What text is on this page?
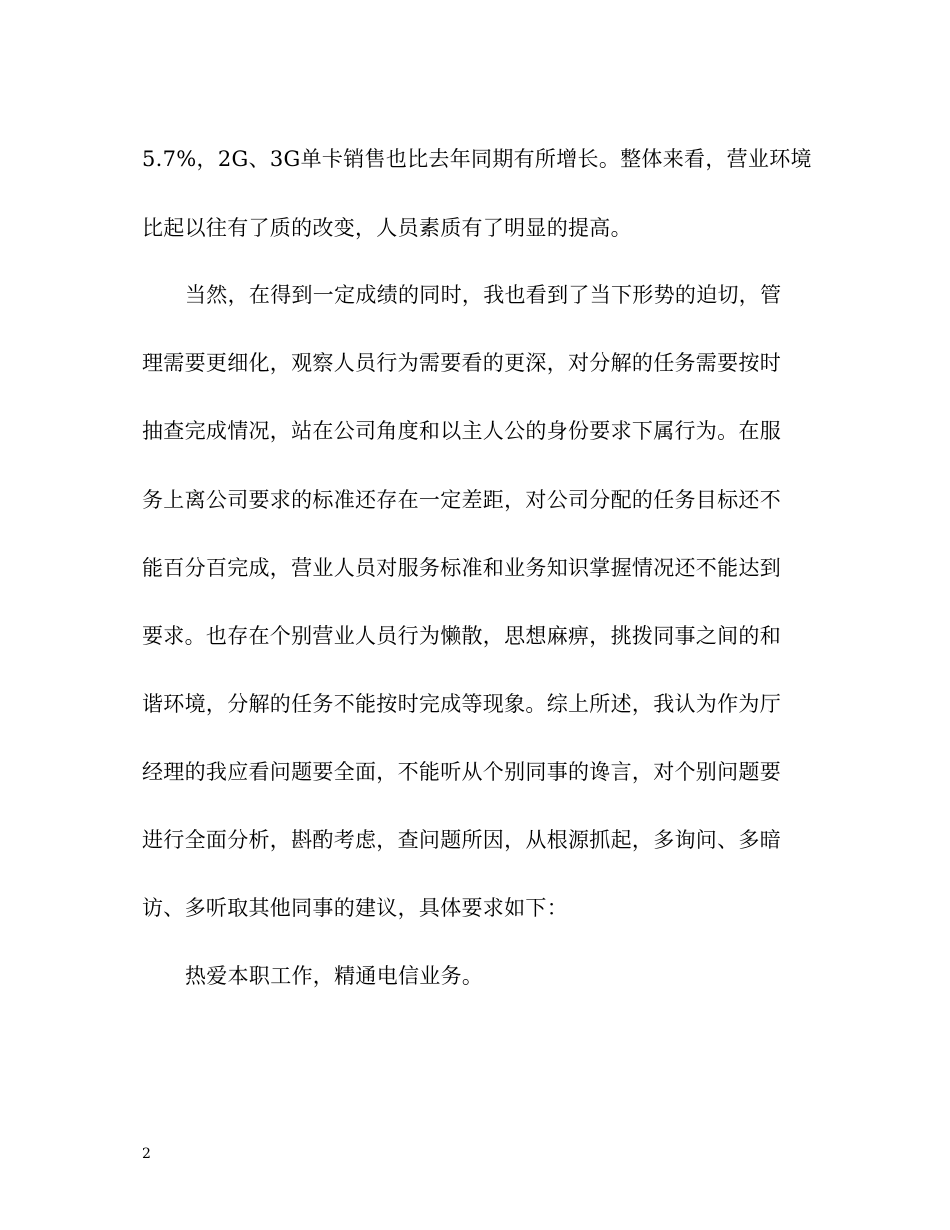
5.7%，2G、3G单卡销售也比去年同期有所增长。整体来看，营业环境
比起以往有了质的改变，人员素质有了明显的提高。
当然，在得到一定成绩的同时，我也看到了当下形势的迫切，管
理需要更细化，观察人员行为需要看的更深，对分解的任务需要按时
抽查完成情况，站在公司角度和以主人公的身份要求下属行为。在服
务上离公司要求的标准还存在一定差距，对公司分配的任务目标还不
能百分百完成，营业人员对服务标准和业务知识掌握情况还不能达到
要求。也存在个别营业人员行为懒散，思想麻痹，挑拨同事之间的和
谐环境，分解的任务不能按时完成等现象。综上所述，我认为作为厅
经理的我应看问题要全面，不能听从个别同事的谗言，对个别问题要
进行全面分析，斟酌考虑，查问题所因，从根源抓起，多询问、多暗
访、多听取其他同事的建议，具体要求如下：
热爱本职工作，精通电信业务。
2
